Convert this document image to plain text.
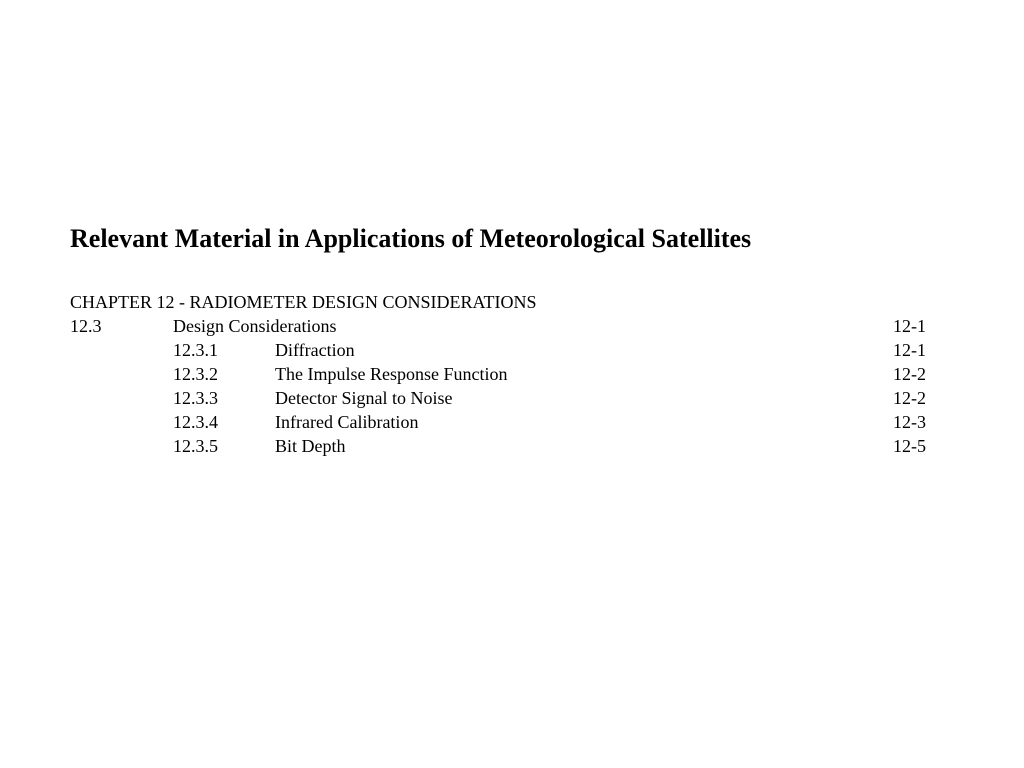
Relevant Material in Applications of Meteorological Satellites
CHAPTER 12 - RADIOMETER DESIGN CONSIDERATIONS
12.3	Design Considerations	12-1
12.3.1	Diffraction	12-1
12.3.2	The Impulse Response Function	12-2
12.3.3	Detector Signal to Noise	12-2
12.3.4	Infrared Calibration	12-3
12.3.5	Bit Depth	12-5
